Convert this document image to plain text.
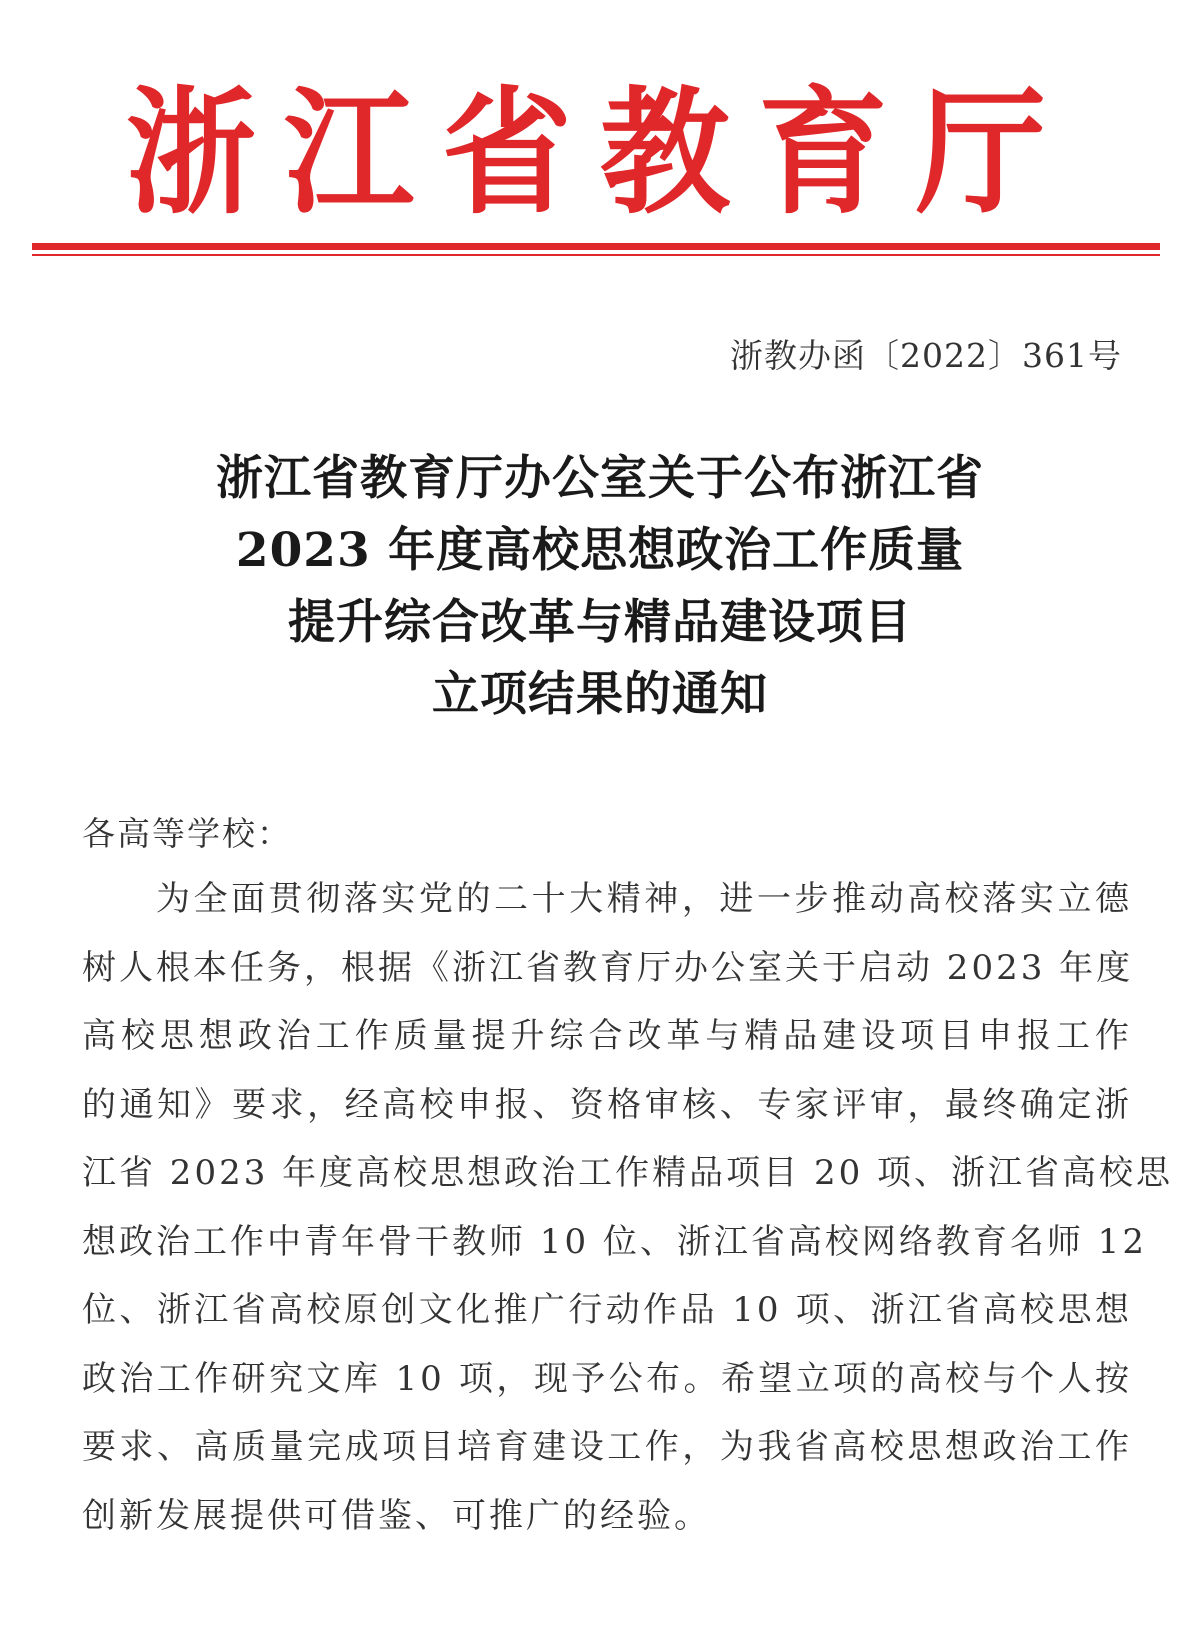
浙江省教育厅
浙教办函〔2022〕361号
浙江省教育厅办公室关于公布浙江省
2023 年度高校思想政治工作质量
提升综合改革与精品建设项目
立项结果的通知
各高等学校：
为全面贯彻落实党的二十大精神，进一步推动高校落实立德
树人根本任务，根据《浙江省教育厅办公室关于启动 2023 年度
高校思想政治工作质量提升综合改革与精品建设项目申报工作
的通知》要求，经高校申报、资格审核、专家评审，最终确定浙
江省 2023 年度高校思想政治工作精品项目 20 项、浙江省高校思
想政治工作中青年骨干教师 10 位、浙江省高校网络教育名师 12
位、浙江省高校原创文化推广行动作品 10 项、浙江省高校思想
政治工作研究文库 10 项，现予公布。希望立项的高校与个人按
要求、高质量完成项目培育建设工作，为我省高校思想政治工作
创新发展提供可借鉴、可推广的经验。
